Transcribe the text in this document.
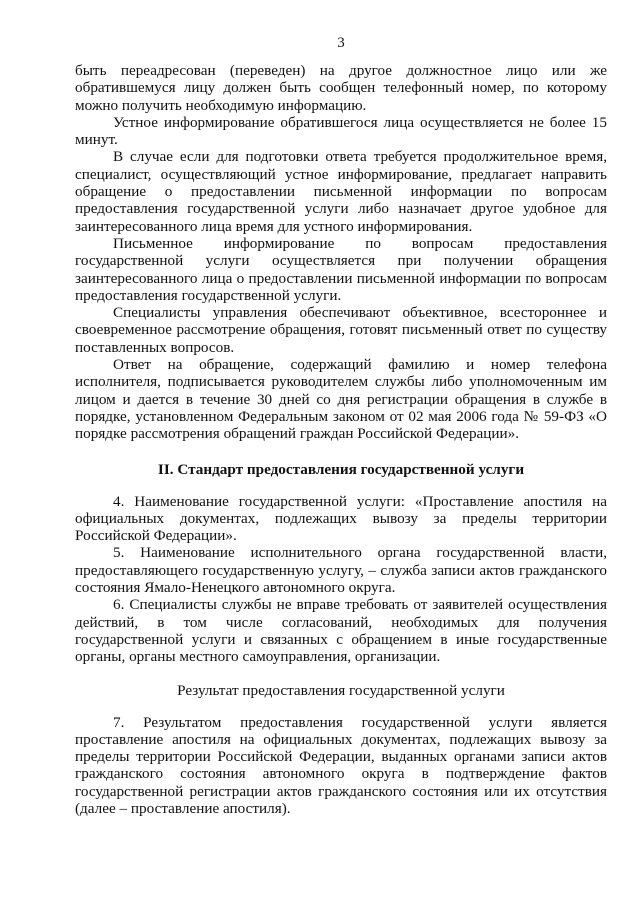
3

быть переадресован (переведен) на другое должностное лицо или же обратившемуся лицу должен быть сообщен телефонный номер, по которому можно получить необходимую информацию.

Устное информирование обратившегося лица осуществляется не более 15 минут.

В случае если для подготовки ответа требуется продолжительное время, специалист, осуществляющий устное информирование, предлагает направить обращение о предоставлении письменной информации по вопросам предоставления государственной услуги либо назначает другое удобное для заинтересованного лица время для устного информирования.

Письменное информирование по вопросам предоставления государственной услуги осуществляется при получении обращения заинтересованного лица о предоставлении письменной информации по вопросам предоставления государственной услуги.

Специалисты управления обеспечивают объективное, всестороннее и своевременное рассмотрение обращения, готовят письменный ответ по существу поставленных вопросов.

Ответ на обращение, содержащий фамилию и номер телефона исполнителя, подписывается руководителем службы либо уполномоченным им лицом и дается в течение 30 дней со дня регистрации обращения в службе в порядке, установленном Федеральным законом от 02 мая 2006 года № 59-ФЗ «О порядке рассмотрения обращений граждан Российской Федерации».

II. Стандарт предоставления государственной услуги

4. Наименование государственной услуги: «Проставление апостиля на официальных документах, подлежащих вывозу за пределы территории Российской Федерации».

5. Наименование исполнительного органа государственной власти, предоставляющего государственную услугу, – служба записи актов гражданского состояния Ямало-Ненецкого автономного округа.

6. Специалисты службы не вправе требовать от заявителей осуществления действий, в том числе согласований, необходимых для получения государственной услуги и связанных с обращением в иные государственные органы, органы местного самоуправления, организации.

Результат предоставления государственной услуги

7. Результатом предоставления государственной услуги является проставление апостиля на официальных документах, подлежащих вывозу за пределы территории Российской Федерации, выданных органами записи актов гражданского состояния автономного округа в подтверждение фактов государственной регистрации актов гражданского состояния или их отсутствия (далее – проставление апостиля).
